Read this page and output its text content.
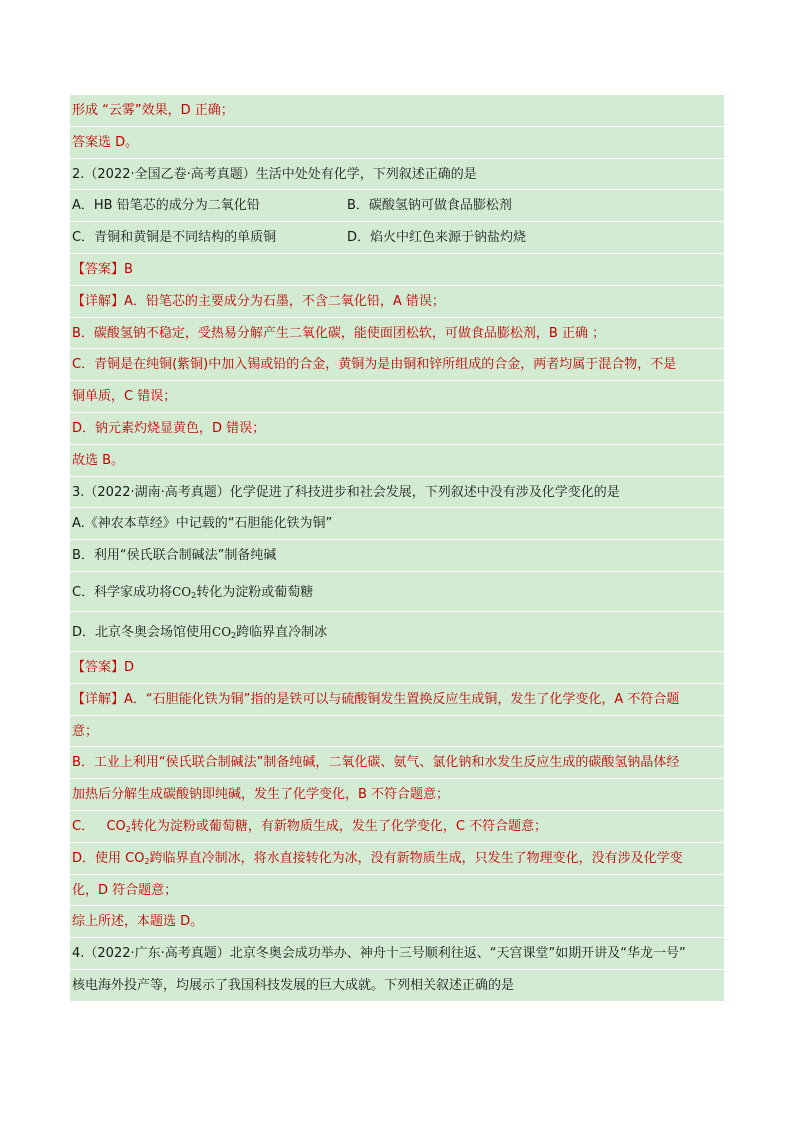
形成 “云雾”效果，D 正确；
答案选 D。
2.（2022·全国乙卷·高考真题）生活中处处有化学，下列叙述正确的是
A．HB 铅笔芯的成分为二氧化铅	B．碳酸氢钠可做食品膨松剂
C．青铜和黄铜是不同结构的单质铜	D．焰火中红色来源于钠盐灼烧
【答案】B
【详解】A．铅笔芯的主要成分为石墨，不含二氧化铅，A 错误；
B．碳酸氢钠不稳定，受热易分解产生二氧化碳，能使面团松软，可做食品膨松剂，B 正确 ；
C．青铜是在纯铜(紫铜)中加入锡或铅的合金，黄铜为是由铜和锌所组成的合金，两者均属于混合物，不是
铜单质，C 错误；
D．钠元素灼烧显黄色，D 错误；
故选 B。
3.（2022·湖南·高考真题）化学促进了科技进步和社会发展，下列叙述中没有涉及化学变化的是
A.《神农本草经》中记载的“石胆能化铁为铜”
B．利用“侯氏联合制碱法”制备纯碱
C．科学家成功将$CO_2$转化为淀粉或葡萄糖
D．北京冬奥会场馆使用$CO_2$跨临界直冷制冰
【答案】D
【详解】A．“石胆能化铁为铜”指的是铁可以与硫酸铜发生置换反应生成铜，发生了化学变化，A 不符合题
意；
B．工业上利用“侯氏联合制碱法”制备纯碱，二氧化碳、氨气、氯化钠和水发生反应生成的碳酸氢钠晶体经
加热后分解生成碳酸钠即纯碱，发生了化学变化，B 不符合题意；
C． $CO_2$转化为淀粉或葡萄糖，有新物质生成，发生了化学变化，C 不符合题意；
D．使用 $CO_2$跨临界直冷制冰，将水直接转化为冰，没有新物质生成，只发生了物理变化，没有涉及化学变
化，D 符合题意；
综上所述，本题选 D。
4.（2022·广东·高考真题）北京冬奥会成功举办、神舟十三号顺利往返、“天宫课堂”如期开讲及“华龙一号”
核电海外投产等，均展示了我国科技发展的巨大成就。下列相关叙述正确的是
